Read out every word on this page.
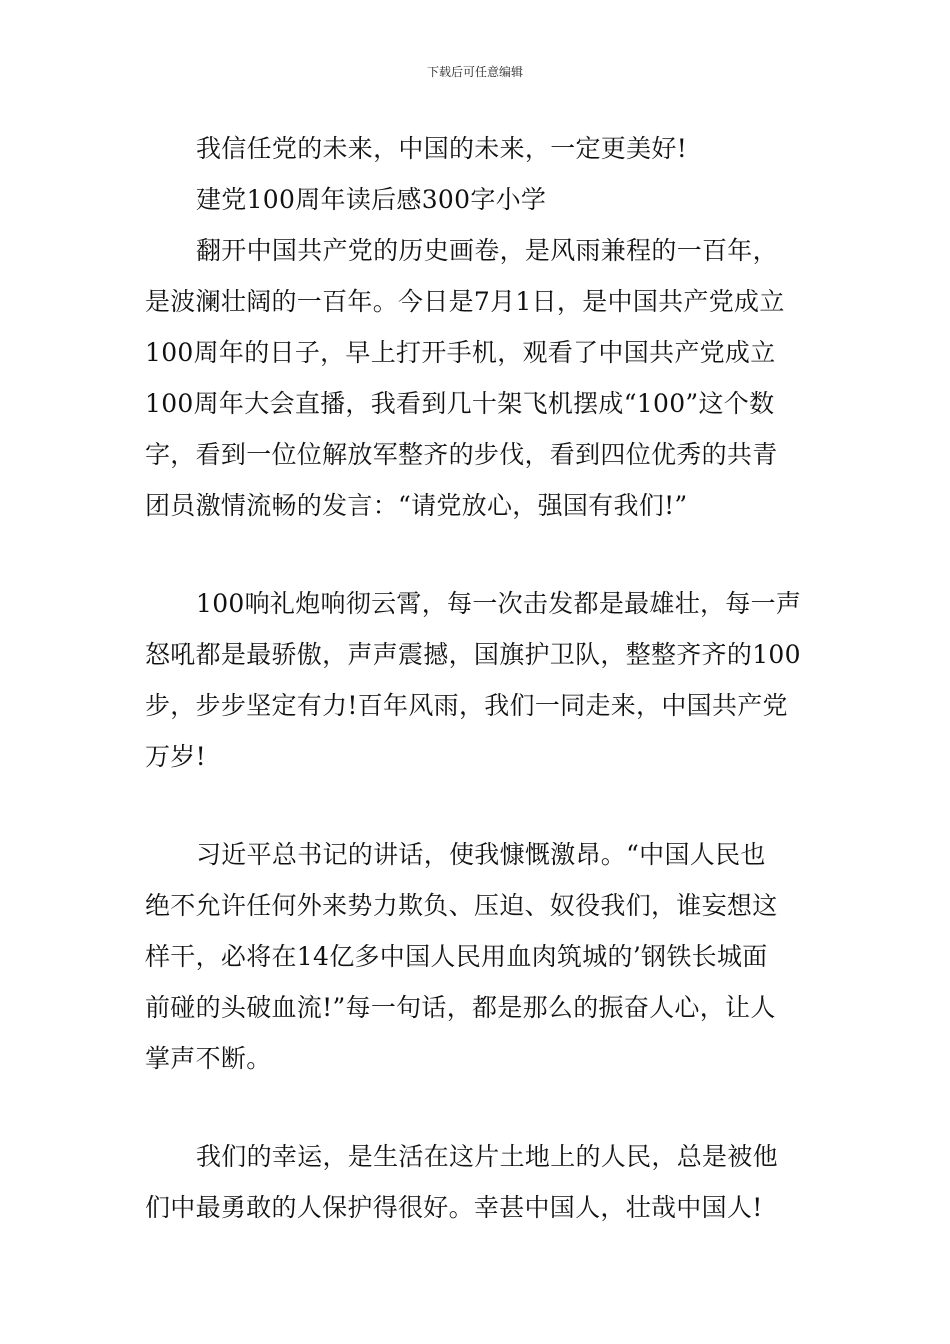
下载后可任意编辑
我信任党的未来，中国的未来，一定更美好!
建党100周年读后感300字小学
翻开中国共产党的历史画卷，是风雨兼程的一百年，
是波澜壮阔的一百年。今日是7月1日，是中国共产党成立
100周年的日子，早上打开手机，观看了中国共产党成立
100周年大会直播，我看到几十架飞机摆成“100”这个数
字，看到一位位解放军整齐的步伐，看到四位优秀的共青
团员激情流畅的发言：“请党放心，强国有我们!”
100响礼炮响彻云霄，每一次击发都是最雄壮，每一声
怒吼都是最骄傲，声声震撼，国旗护卫队，整整齐齐的100
步，步步坚定有力!百年风雨，我们一同走来，中国共产党
万岁!
习近平总书记的讲话，使我慷慨激昂。“中国人民也
绝不允许任何外来势力欺负、压迫、奴役我们，谁妄想这
样干，必将在14亿多中国人民用血肉筑城的’钢铁长城面
前碰的头破血流!”每一句话，都是那么的振奋人心，让人
掌声不断。
我们的幸运，是生活在这片土地上的人民，总是被他
们中最勇敢的人保护得很好。幸甚中国人，壮哉中国人!
